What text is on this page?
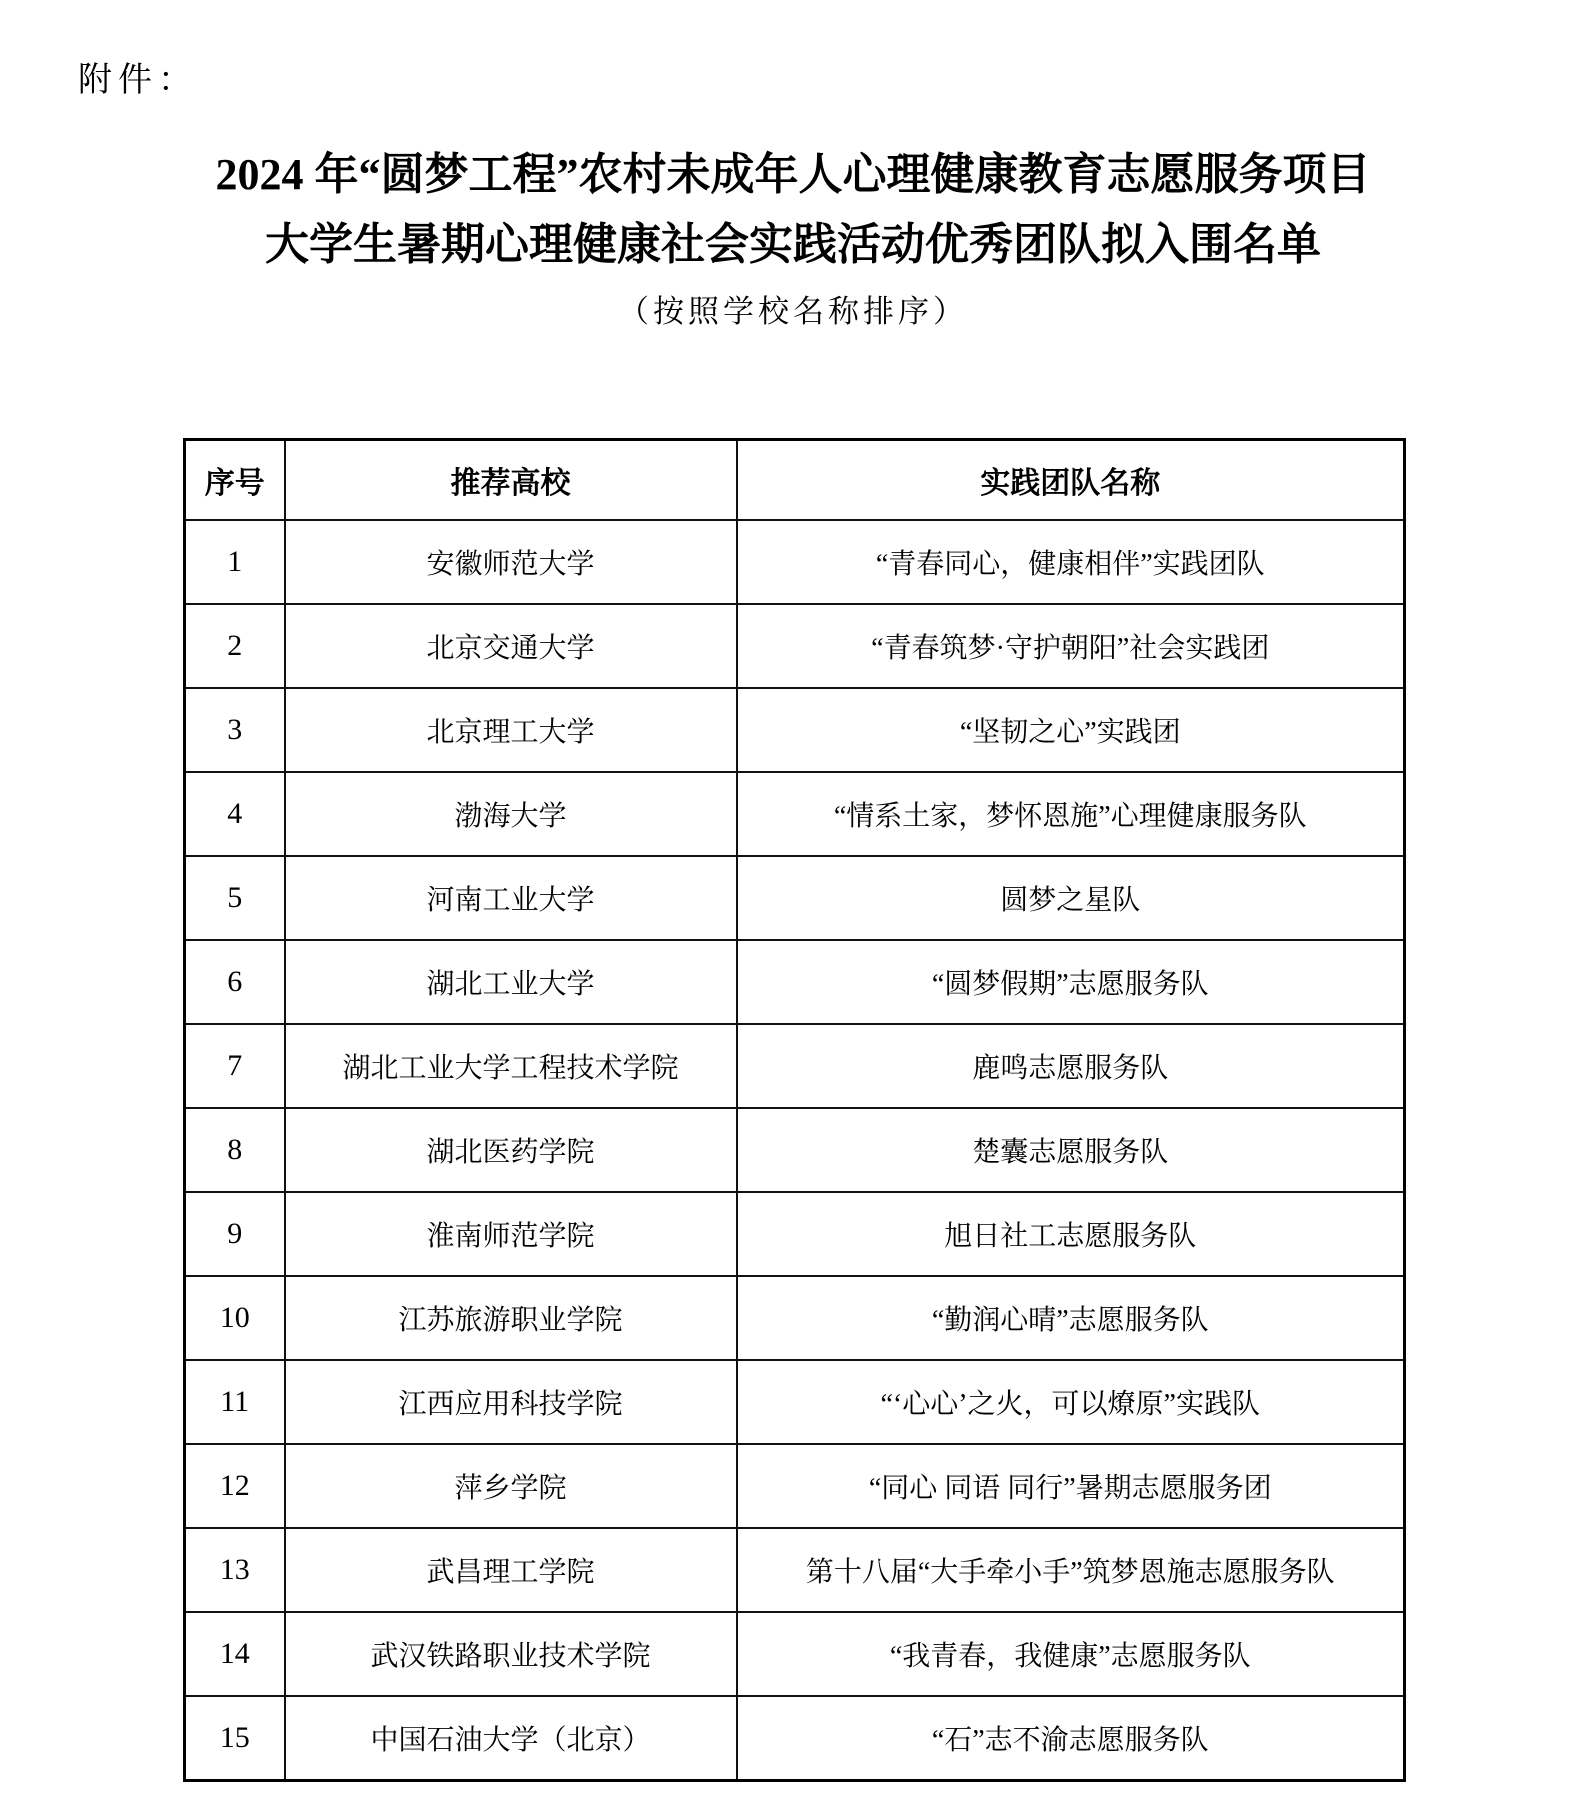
附件：
2024 年“圆梦工程”农村未成年人心理健康教育志愿服务项目
大学生暑期心理健康社会实践活动优秀团队拟入围名单
（按照学校名称排序）
序号	推荐高校	实践团队名称
1	安徽师范大学	“青春同心，健康相伴”实践团队
2	北京交通大学	“青春筑梦·守护朝阳”社会实践团
3	北京理工大学	“坚韧之心”实践团
4	渤海大学	“情系土家，梦怀恩施”心理健康服务队
5	河南工业大学	圆梦之星队
6	湖北工业大学	“圆梦假期”志愿服务队
7	湖北工业大学工程技术学院	鹿鸣志愿服务队
8	湖北医药学院	楚囊志愿服务队
9	淮南师范学院	旭日社工志愿服务队
10	江苏旅游职业学院	“勤润心晴”志愿服务队
11	江西应用科技学院	“‘心心’之火，可以燎原”实践队
12	萍乡学院	“同心 同语 同行”暑期志愿服务团
13	武昌理工学院	第十八届“大手牵小手”筑梦恩施志愿服务队
14	武汉铁路职业技术学院	“我青春，我健康”志愿服务队
15	中国石油大学（北京）	“石”志不渝志愿服务队
